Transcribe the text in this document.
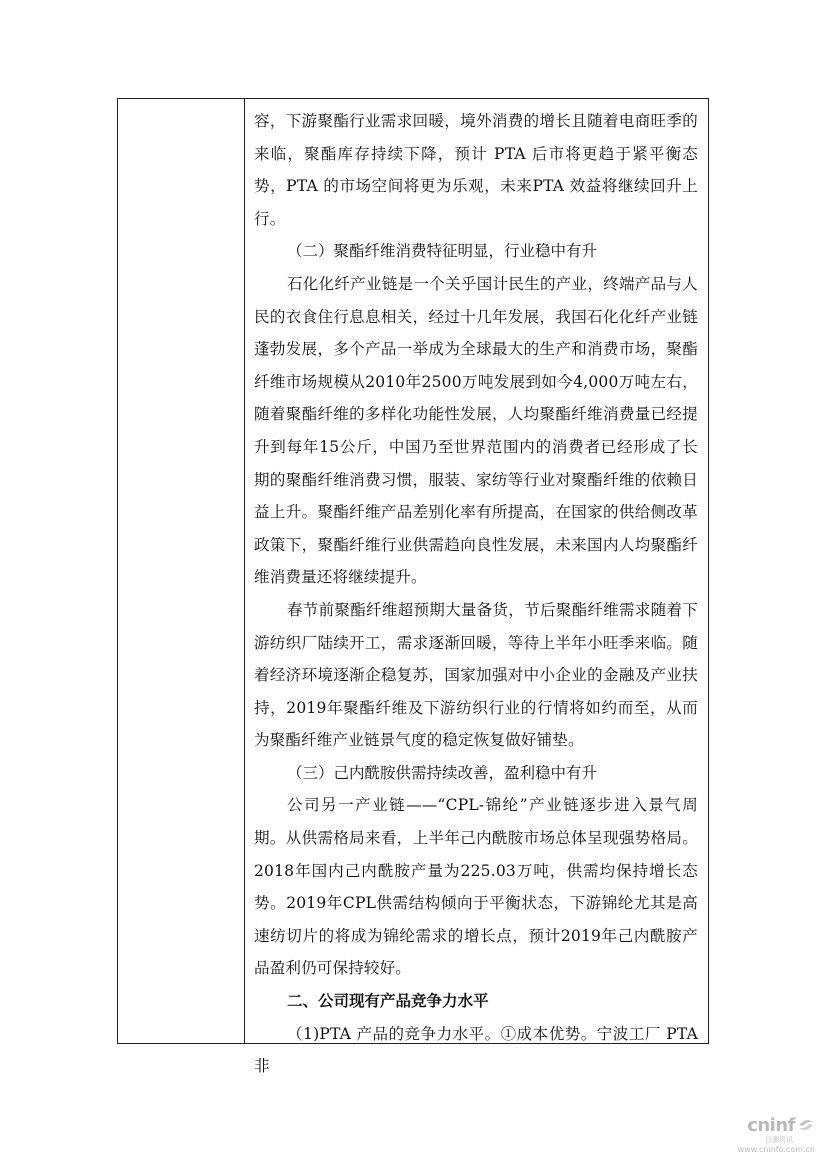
容，下游聚酯行业需求回暖，境外消费的增长且随着电商旺季的来临，聚酯库存持续下降，预计 PTA 后市将更趋于紧平衡态势，PTA 的市场空间将更为乐观，未来PTA 效益将继续回升上行。

（二）聚酯纤维消费特征明显，行业稳中有升

石化化纤产业链是一个关乎国计民生的产业，终端产品与人民的衣食住行息息相关，经过十几年发展，我国石化化纤产业链蓬勃发展，多个产品一举成为全球最大的生产和消费市场，聚酯纤维市场规模从2010年2500万吨发展到如今4,000万吨左右，随着聚酯纤维的多样化功能性发展，人均聚酯纤维消费量已经提升到每年15公斤，中国乃至世界范围内的消费者已经形成了长期的聚酯纤维消费习惯，服装、家纺等行业对聚酯纤维的依赖日益上升。聚酯纤维产品差别化率有所提高，在国家的供给侧改革政策下，聚酯纤维行业供需趋向良性发展，未来国内人均聚酯纤维消费量还将继续提升。

春节前聚酯纤维超预期大量备货，节后聚酯纤维需求随着下游纺织厂陆续开工，需求逐渐回暖，等待上半年小旺季来临。随着经济环境逐渐企稳复苏，国家加强对中小企业的金融及产业扶持，2019年聚酯纤维及下游纺织行业的行情将如约而至，从而为聚酯纤维产业链景气度的稳定恢复做好铺垫。

（三）己内酰胺供需持续改善，盈利稳中有升

公司另一产业链——“CPL-锦纶”产业链逐步进入景气周期。从供需格局来看，上半年己内酰胺市场总体呈现强势格局。2018年国内己内酰胺产量为225.03万吨，供需均保持增长态势。2019年CPL供需结构倾向于平衡状态，下游锦纶尤其是高速纺切片的将成为锦纶需求的增长点，预计2019年己内酰胺产品盈利仍可保持较好。

二、公司现有产品竞争力水平

（1)PTA 产品的竞争力水平。①成本优势。宁波工厂 PTA 非

cninf
巨潮资讯
www.cninfo.com.cn
